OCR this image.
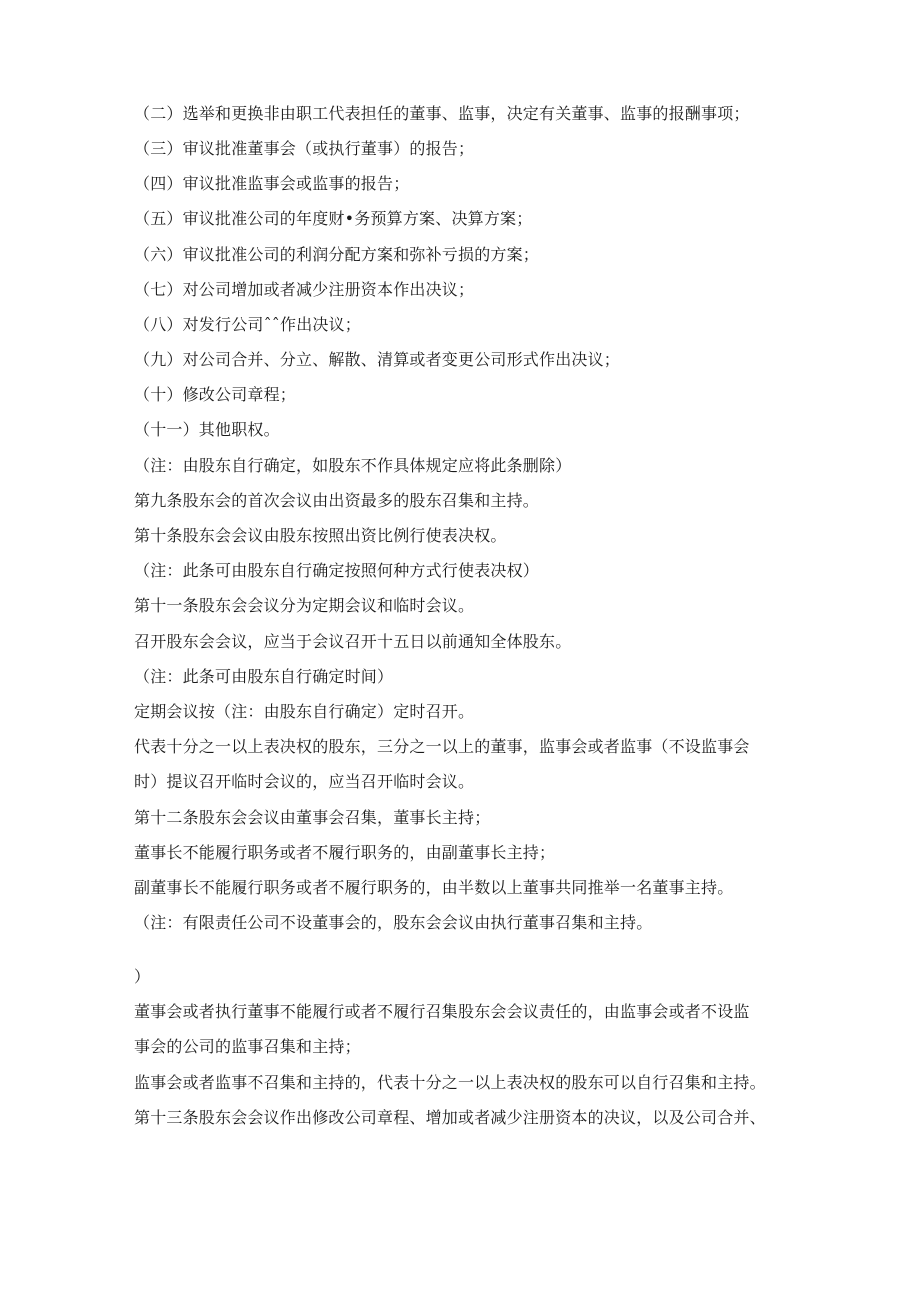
（二）选举和更换非由职工代表担任的董事、监事，决定有关董事、监事的报酬事项；
（三）审议批准董事会（或执行董事）的报告；
（四）审议批准监事会或监事的报告；
（五）审议批准公司的年度财•务预算方案、决算方案；
（六）审议批准公司的利润分配方案和弥补亏损的方案；
（七）对公司增加或者减少注册资本作出决议；
（八）对发行公司ˆˆ作出决议；
（九）对公司合并、分立、解散、清算或者变更公司形式作出决议；
（十）修改公司章程；
（十一）其他职权。
（注：由股东自行确定，如股东不作具体规定应将此条删除）
第九条股东会的首次会议由出资最多的股东召集和主持。
第十条股东会会议由股东按照出资比例行使表决权。
（注：此条可由股东自行确定按照何种方式行使表决权）
第十一条股东会会议分为定期会议和临时会议。
召开股东会会议，应当于会议召开十五日以前通知全体股东。
（注：此条可由股东自行确定时间）
定期会议按（注：由股东自行确定）定时召开。
代表十分之一以上表决权的股东，三分之一以上的董事，监事会或者监事（不设监事会
时）提议召开临时会议的，应当召开临时会议。
第十二条股东会会议由董事会召集，董事长主持；
董事长不能履行职务或者不履行职务的，由副董事长主持；
副董事长不能履行职务或者不履行职务的，由半数以上董事共同推举一名董事主持。
（注：有限责任公司不设董事会的，股东会会议由执行董事召集和主持。
）
董事会或者执行董事不能履行或者不履行召集股东会会议责任的，由监事会或者不设监
事会的公司的监事召集和主持；
监事会或者监事不召集和主持的，代表十分之一以上表决权的股东可以自行召集和主持。
第十三条股东会会议作出修改公司章程、增加或者减少注册资本的决议，以及公司合并、
